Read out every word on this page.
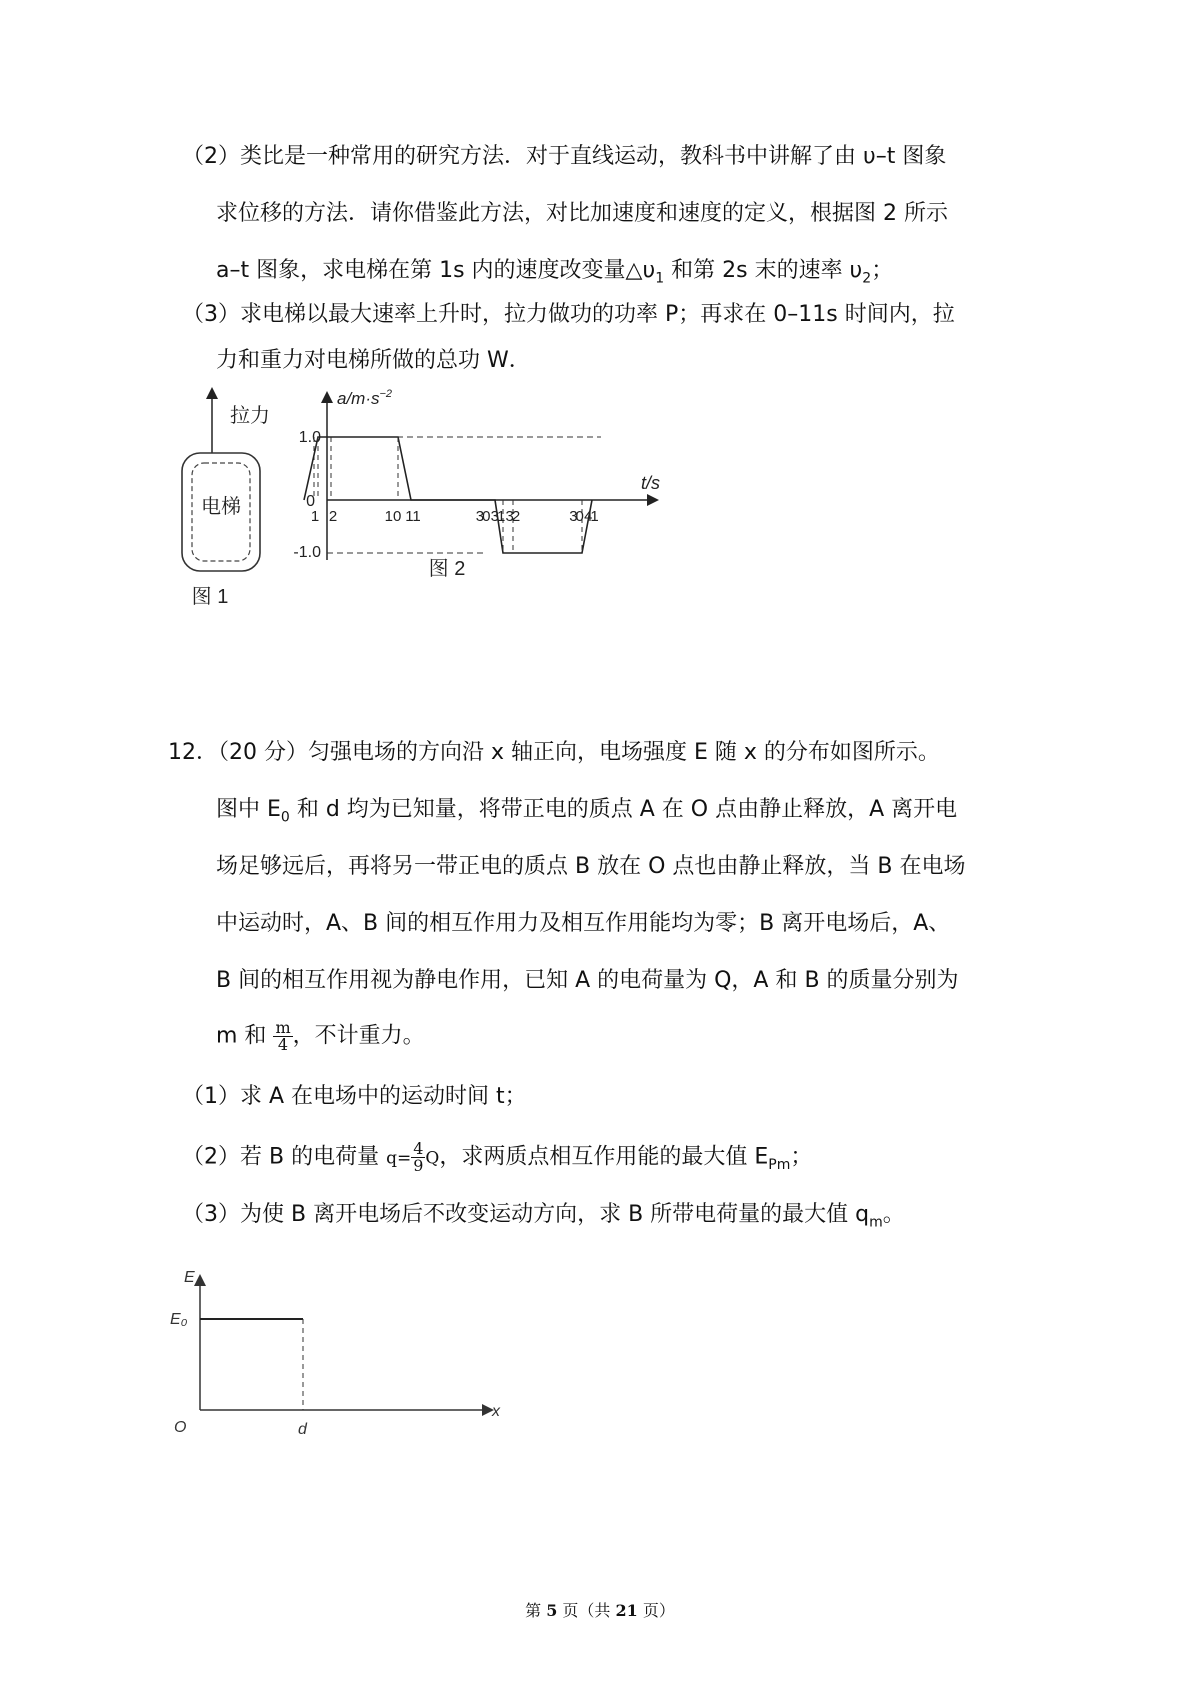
（2）类比是一种常用的研究方法．对于直线运动，教科书中讲解了由 υ–t 图象
求位移的方法．请你借鉴此方法，对比加速度和速度的定义，根据图 2 所示
a–t 图象，求电梯在第 1s 内的速度改变量$\triangle\upsilon_1$ 和第 2s 末的速率 $\upsilon_2$；
（3）求电梯以最大速率上升时，拉力做功的功率 P；再求在 0–11s 时间内，拉
力和重力对电梯所做的总功 W．
拉力
电梯
图 1
$a/m\cdot s^{-2}$
t/s
1.0
0
-1.0
1 2	10 11	30 31 32	30 41
图 2
12．（20 分）匀强电场的方向沿 x 轴正向，电场强度 E 随 x 的分布如图所示。
图中 $E_0$ 和 d 均为已知量，将带正电的质点 A 在 O 点由静止释放，A 离开电
场足够远后，再将另一带正电的质点 B 放在 O 点也由静止释放，当 B 在电场
中运动时，A、B 间的相互作用力及相互作用能均为零；B 离开电场后，A、
B 间的相互作用视为静电作用，已知 A 的电荷量为 Q，A 和 B 的质量分别为
m 和 $\frac{m}{4}$ ，不计重力。
（1）求 A 在电场中的运动时间 t；
（2）若 B 的电荷量 $q= \frac{4}{9}$ Q，求两质点相互作用能的最大值 $E_{Pm}$；
（3）为使 B 离开电场后不改变运动方向，求 B 所带电荷量的最大值 $q_m$。
E
E₀
O	d
x
第 5 页（共 21 页）
